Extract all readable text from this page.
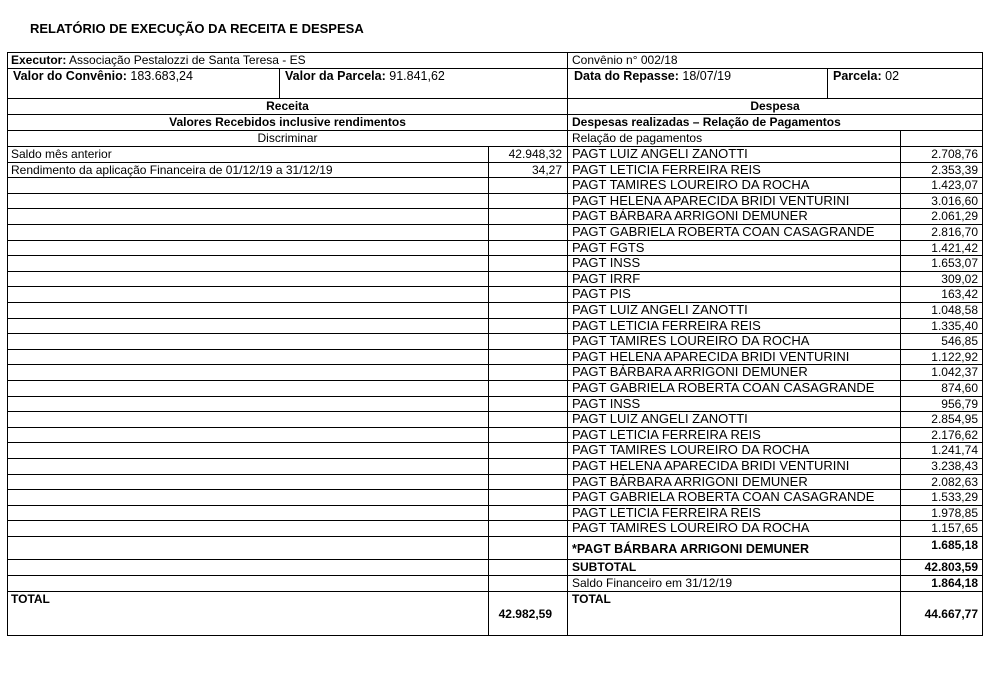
RELATÓRIO DE EXECUÇÃO DA RECEITA E DESPESA
Executor: Associação Pestalozzi de Santa Teresa - ES	Convênio n° 002/18
Valor do Convênio: 183.683,24	Valor da Parcela: 91.841,62	Data do Repasse: 18/07/19	Parcela: 02
Receita	Despesa
Valores Recebidos inclusive rendimentos	Despesas realizadas – Relação de Pagamentos
Discriminar	Relação de pagamentos
Saldo mês anterior	42.948,32
Rendimento da aplicação Financeira de 01/12/19 a 31/12/19	34,27
PAGT LUIZ ANGELI ZANOTTI	2.708,76
PAGT LETICIA FERREIRA REIS	2.353,39
PAGT TAMIRES LOUREIRO DA ROCHA	1.423,07
PAGT HELENA APARECIDA BRIDI VENTURINI	3.016,60
PAGT BÁRBARA ARRIGONI DEMUNER	2.061,29
PAGT GABRIELA ROBERTA COAN CASAGRANDE	2.816,70
PAGT FGTS	1.421,42
PAGT INSS	1.653,07
PAGT IRRF	309,02
PAGT PIS	163,42
PAGT LUIZ ANGELI ZANOTTI	1.048,58
PAGT LETICIA FERREIRA REIS	1.335,40
PAGT TAMIRES LOUREIRO DA ROCHA	546,85
PAGT HELENA APARECIDA BRIDI VENTURINI	1.122,92
PAGT BÁRBARA ARRIGONI DEMUNER	1.042,37
PAGT GABRIELA ROBERTA COAN CASAGRANDE	874,60
PAGT INSS	956,79
PAGT LUIZ ANGELI ZANOTTI	2.854,95
PAGT LETICIA FERREIRA REIS	2.176,62
PAGT TAMIRES LOUREIRO DA ROCHA	1.241,74
PAGT HELENA APARECIDA BRIDI VENTURINI	3.238,43
PAGT BÁRBARA ARRIGONI DEMUNER	2.082,63
PAGT GABRIELA ROBERTA COAN CASAGRANDE	1.533,29
PAGT LETICIA FERREIRA REIS	1.978,85
PAGT TAMIRES LOUREIRO DA ROCHA	1.157,65
*PAGT BÁRBARA ARRIGONI DEMUNER	1.685,18
SUBTOTAL	42.803,59
Saldo Financeiro em 31/12/19	1.864,18
TOTAL
42.982,59
TOTAL
44.667,77
